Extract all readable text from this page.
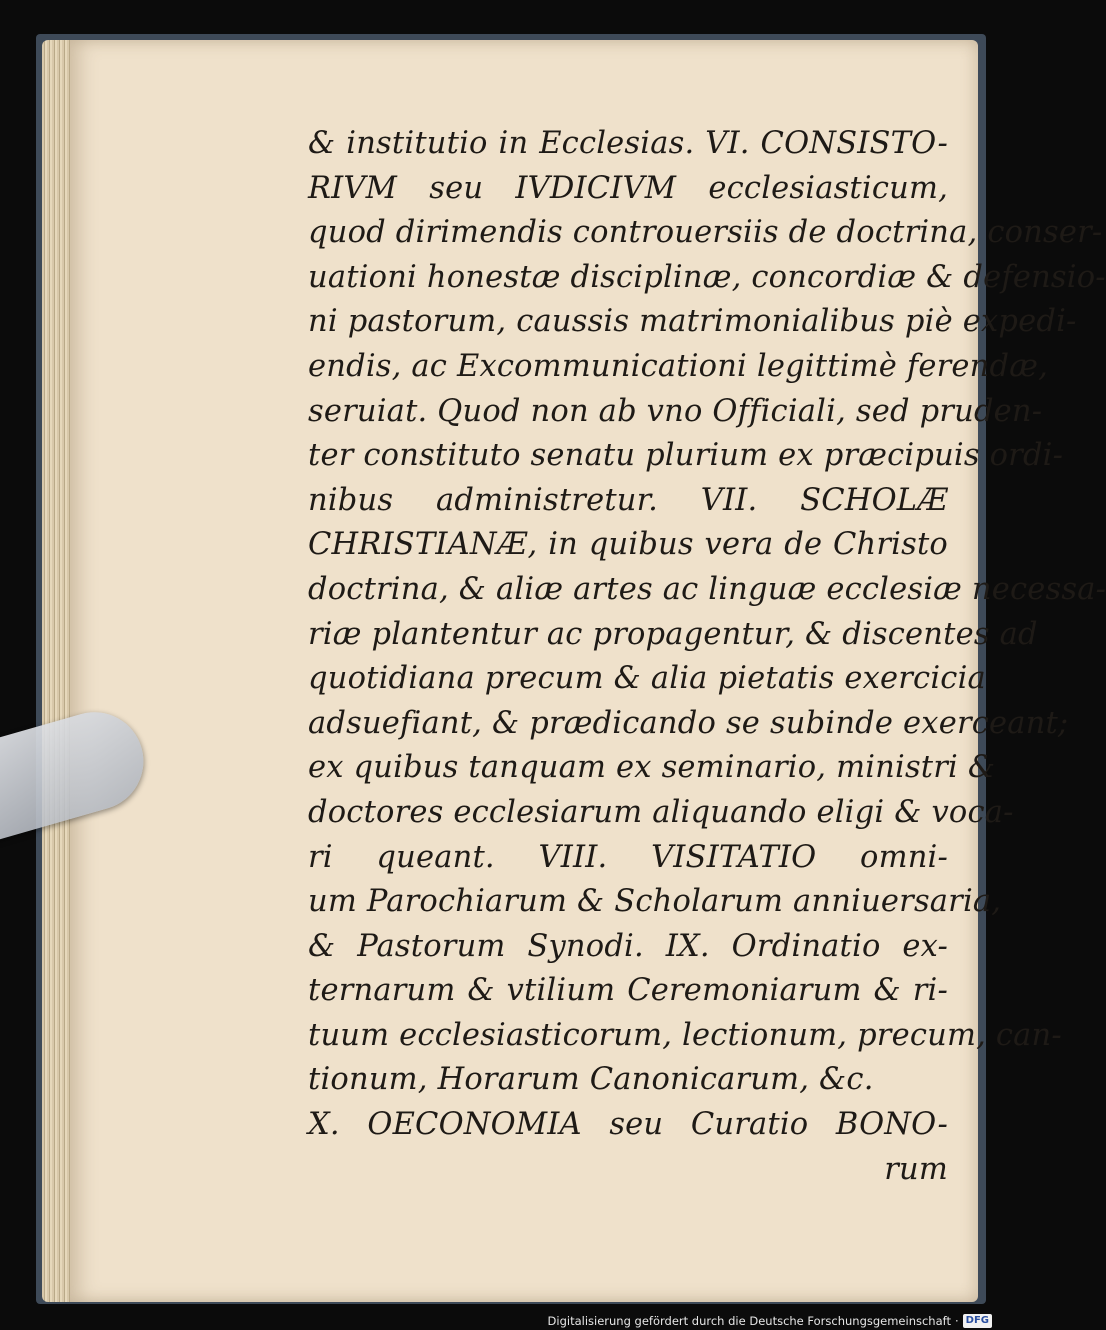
& institutio in Ecclesias. VI. CONSISTO-
RIVM seu IVDICIVM ecclesiasticum,
quod dirimendis controuersiis de doctrina, conser-
uationi honestæ disciplinæ, concordiæ & defensio-
ni pastorum, caussis matrimonialibus piè expedi-
endis, ac Excommunicationi legittimè ferendæ,
seruiat. Quod non ab vno Officiali, sed pruden-
ter constituto senatu plurium ex præcipuis ordi-
nibus administretur. VII. SCHOLÆ
CHRISTIANÆ, in quibus vera de Christo
doctrina, & aliæ artes ac linguæ ecclesiæ necessa-
riæ plantentur ac propagentur, & discentes ad
quotidiana precum & alia pietatis exercicia
adsuefiant, & prædicando se subinde exerceant;
ex quibus tanquam ex seminario, ministri &
doctores ecclesiarum aliquando eligi & voca-
ri queant. VIII. VISITATIO omni-
um Parochiarum & Scholarum anniuersaria,
& Pastorum Synodi. IX. Ordinatio ex-
ternarum & vtilium Ceremoniarum & ri-
tuum ecclesiasticorum, lectionum, precum, can-
tionum, Horarum Canonicarum, &c.
X. OECONOMIA seu Curatio BONO-
rum
Digitalisierung gefördert durch die Deutsche Forschungsgemeinschaft · DFG
